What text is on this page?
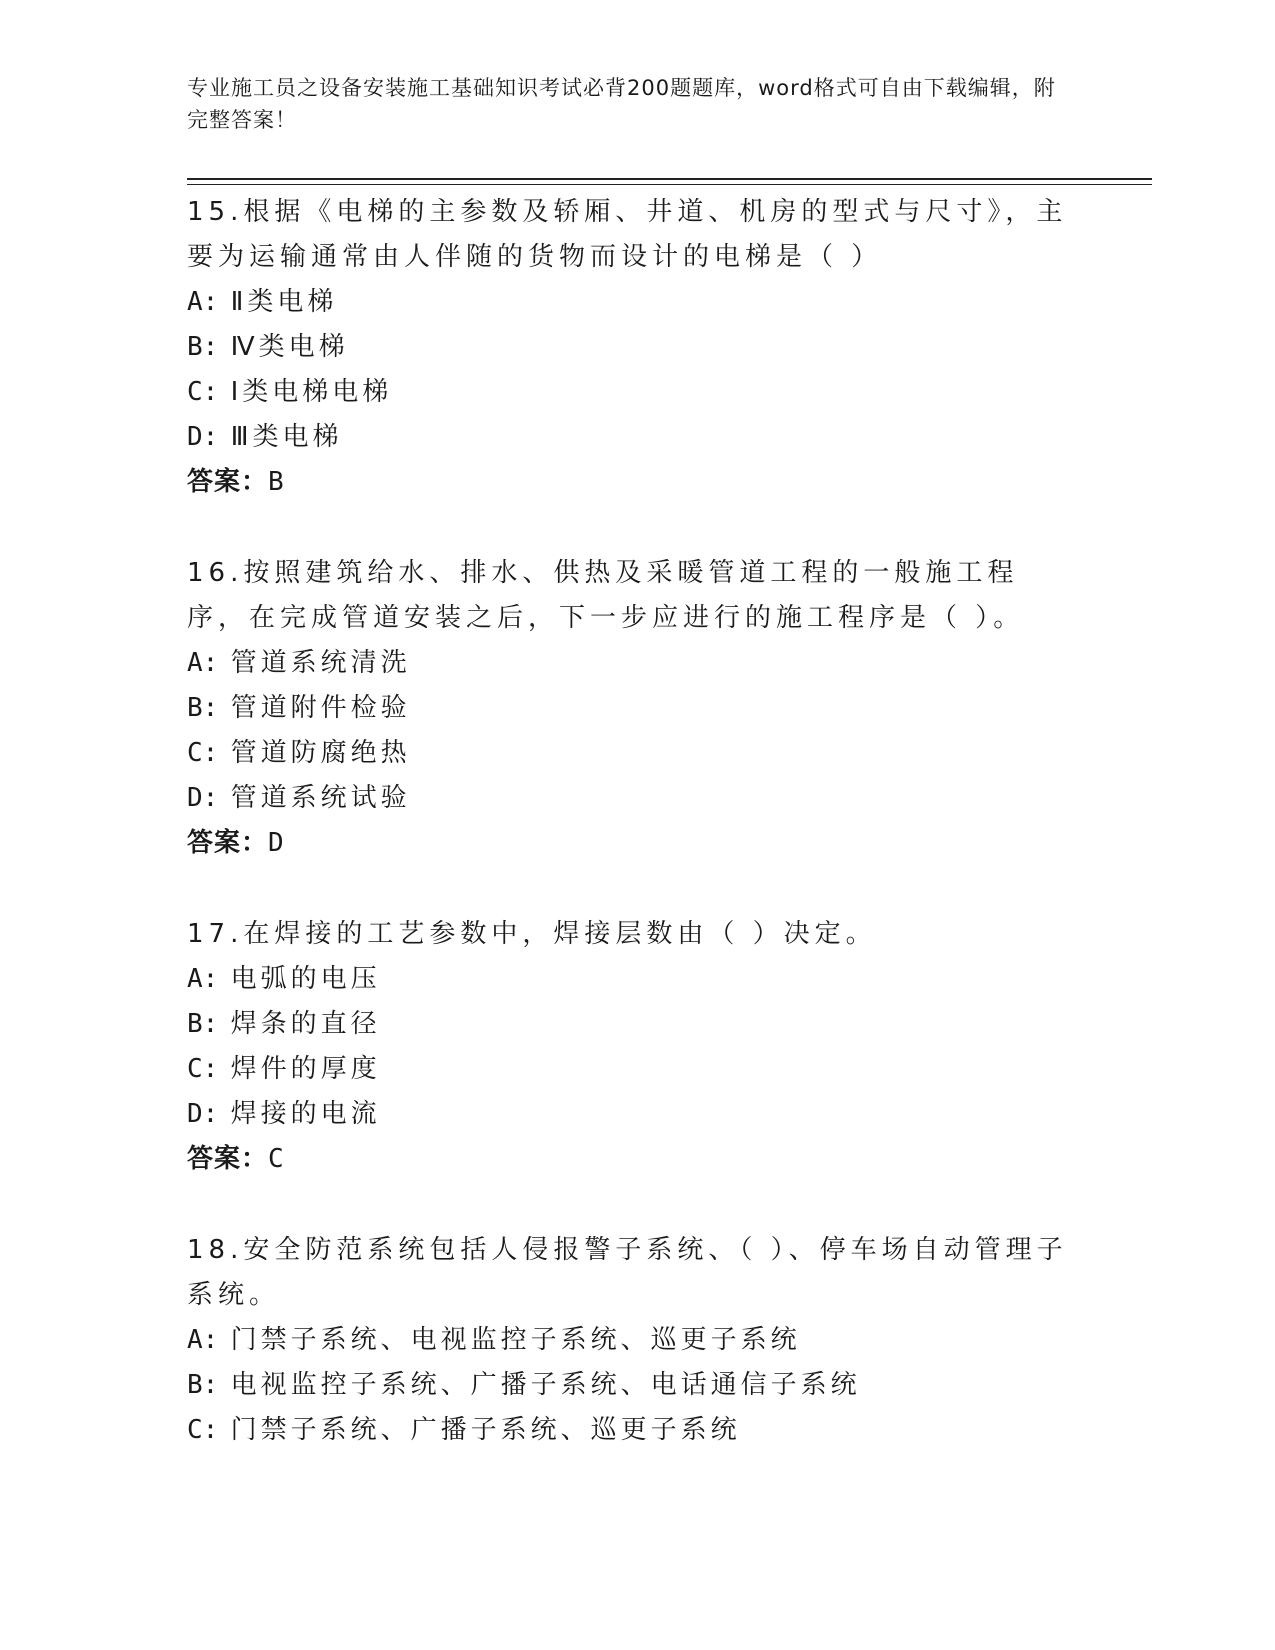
专业施工员之设备安装施工基础知识考试必背200题题库，word格式可自由下载编辑，附完整答案！

15.根据《电梯的主参数及轿厢、井道、机房的型式与尺寸》，主要为运输通常由人伴随的货物而设计的电梯是（ ）

A: Ⅱ类电梯

B: Ⅳ类电梯

C: Ⅰ类电梯电梯

D: Ⅲ类电梯

答案：B

16.按照建筑给水、排水、供热及采暖管道工程的一般施工程序，在完成管道安装之后，下一步应进行的施工程序是（ ）。

A: 管道系统清洗

B: 管道附件检验

C: 管道防腐绝热

D: 管道系统试验

答案：D

17.在焊接的工艺参数中，焊接层数由（ ）决定。

A: 电弧的电压

B: 焊条的直径

C: 焊件的厚度

D: 焊接的电流

答案：C

18.安全防范系统包括人侵报警子系统、（ ）、停车场自动管理子系统。

A: 门禁子系统、电视监控子系统、巡更子系统

B: 电视监控子系统、广播子系统、电话通信子系统

C: 门禁子系统、广播子系统、巡更子系统
